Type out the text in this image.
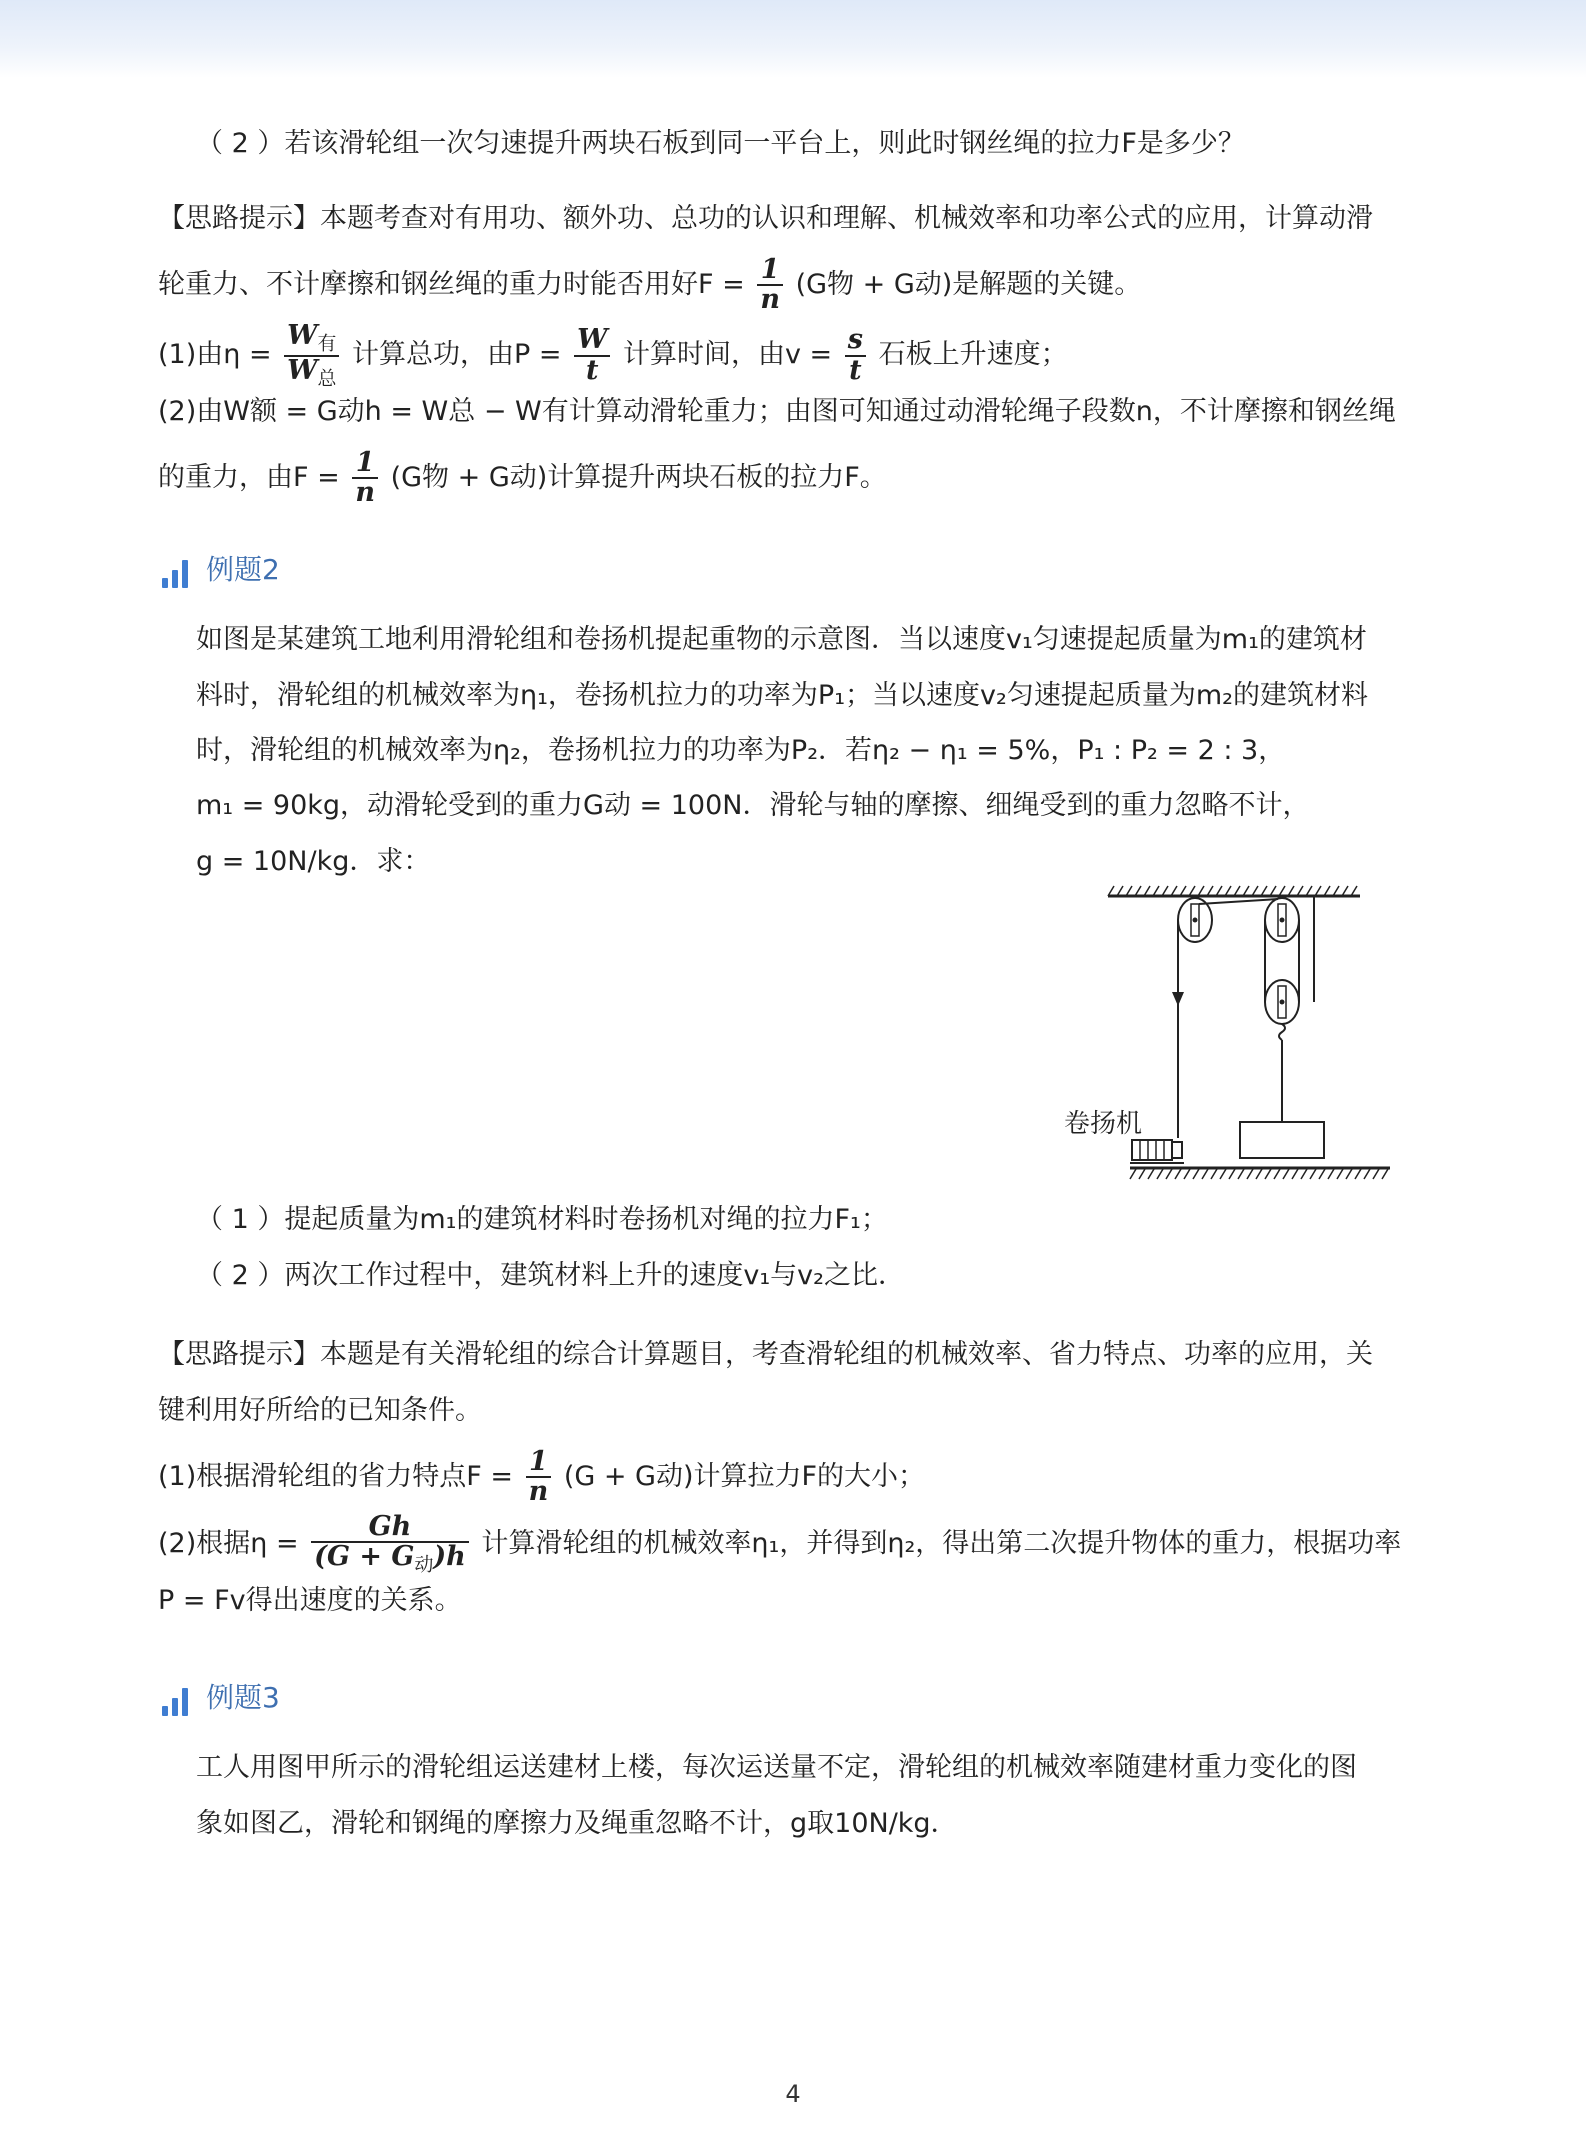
（ 2 ）若该滑轮组一次匀速提升两块石板到同一平台上，则此时钢丝绳的拉力F是多少？
【思路提示】本题考查对有用功、额外功、总功的认识和理解、机械效率和功率公式的应用，计算动滑
轮重力、不计摩擦和钢丝绳的重力时能否用好$F = \frac{1}{n} (G$物 + G动)是解题的关键。
(1)由$\eta = \frac{W_有}{W_总}$ 计算总功，由$P = \frac{W}{t}$ 计算时间，由$v = \frac{s}{t}$ 石板上升速度；
(2)由W额 = G动h = W总 − W有计算动滑轮重力；由图可知通过动滑轮绳子段数n，不计摩擦和钢丝绳
的重力，由$F = \frac{1}{n} (G$物 + G动)计算提升两块石板的拉力F。
例题2
如图是某建筑工地利用滑轮组和卷扬机提起重物的示意图．当以速度v₁匀速提起质量为m₁的建筑材
料时，滑轮组的机械效率为η₁，卷扬机拉力的功率为P₁；当以速度v₂匀速提起质量为m₂的建筑材料
时，滑轮组的机械效率为η₂，卷扬机拉力的功率为P₂．若η₂ − η₁ = 5%，P₁ : P₂ = 2 : 3，
m₁ = 90kg，动滑轮受到的重力G动 = 100N．滑轮与轴的摩擦、细绳受到的重力忽略不计，
g = 10N/kg．求：
卷扬机
（ 1 ）提起质量为m₁的建筑材料时卷扬机对绳的拉力F₁；
（ 2 ）两次工作过程中，建筑材料上升的速度v₁与v₂之比．
【思路提示】本题是有关滑轮组的综合计算题目，考查滑轮组的机械效率、省力特点、功率的应用，关
键利用好所给的已知条件。
(1)根据滑轮组的省力特点$F = \frac{1}{n} (G + G$动)计算拉力F的大小；
(2)根据$\eta = \frac{Gh}{(G + G_动)h}$ 计算滑轮组的机械效率η₁，并得到η₂，得出第二次提升物体的重力，根据功率
P = Fv得出速度的关系。
例题3
工人用图甲所示的滑轮组运送建材上楼，每次运送量不定，滑轮组的机械效率随建材重力变化的图
象如图乙，滑轮和钢绳的摩擦力及绳重忽略不计，g取10N/kg．
4
